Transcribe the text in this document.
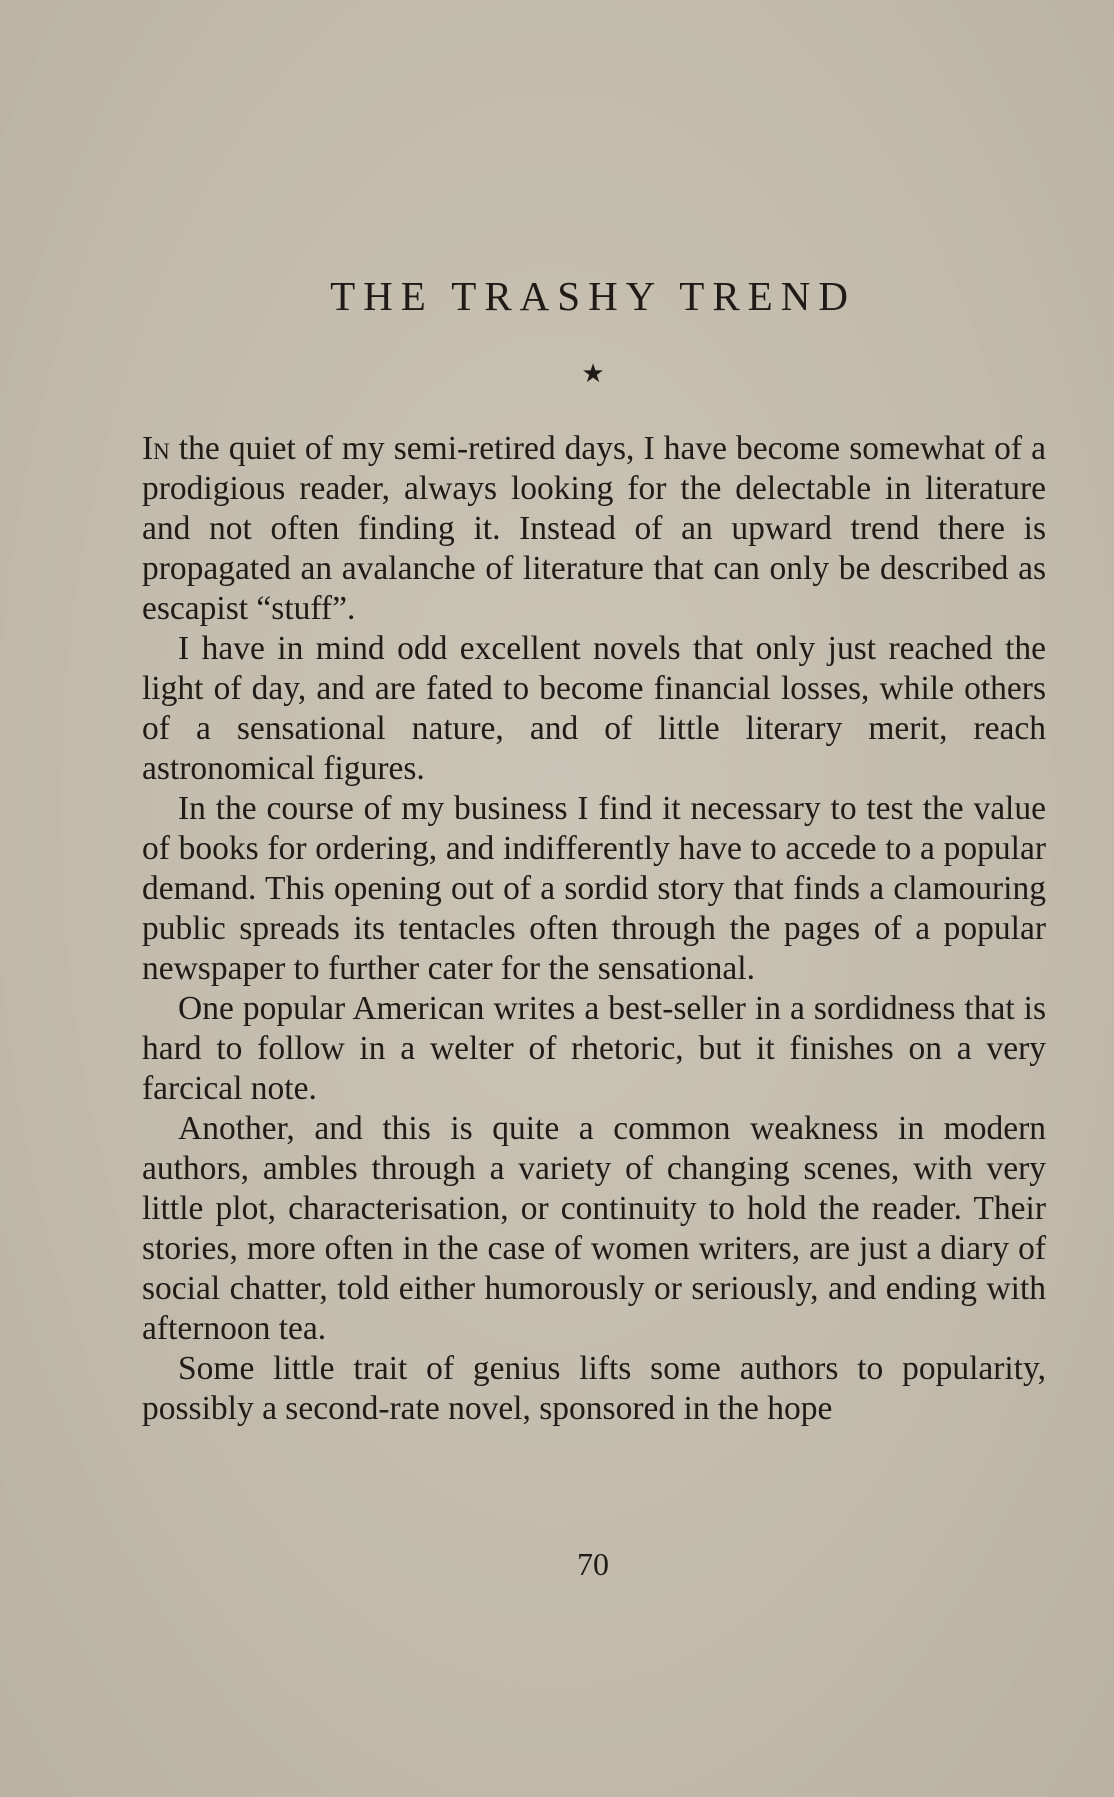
THE TRASHY TREND
★

In the quiet of my semi-retired days, I have become somewhat of a prodigious reader, always looking for the delectable in literature and not often finding it. Instead of an upward trend there is propagated an avalanche of literature that can only be described as escapist “stuff”.

I have in mind odd excellent novels that only just reached the light of day, and are fated to become financial losses, while others of a sensational nature, and of little literary merit, reach astronomical figures.

In the course of my business I find it necessary to test the value of books for ordering, and indifferently have to accede to a popular demand. This opening out of a sordid story that finds a clamouring public spreads its tentacles often through the pages of a popular newspaper to further cater for the sensational.

One popular American writes a best-seller in a sordidness that is hard to follow in a welter of rhetoric, but it finishes on a very farcical note.

Another, and this is quite a common weakness in modern authors, ambles through a variety of changing scenes, with very little plot, characterisation, or continuity to hold the reader. Their stories, more often in the case of women writers, are just a diary of social chatter, told either humorously or seriously, and ending with afternoon tea.

Some little trait of genius lifts some authors to popularity, possibly a second-rate novel, sponsored in the hope

70
